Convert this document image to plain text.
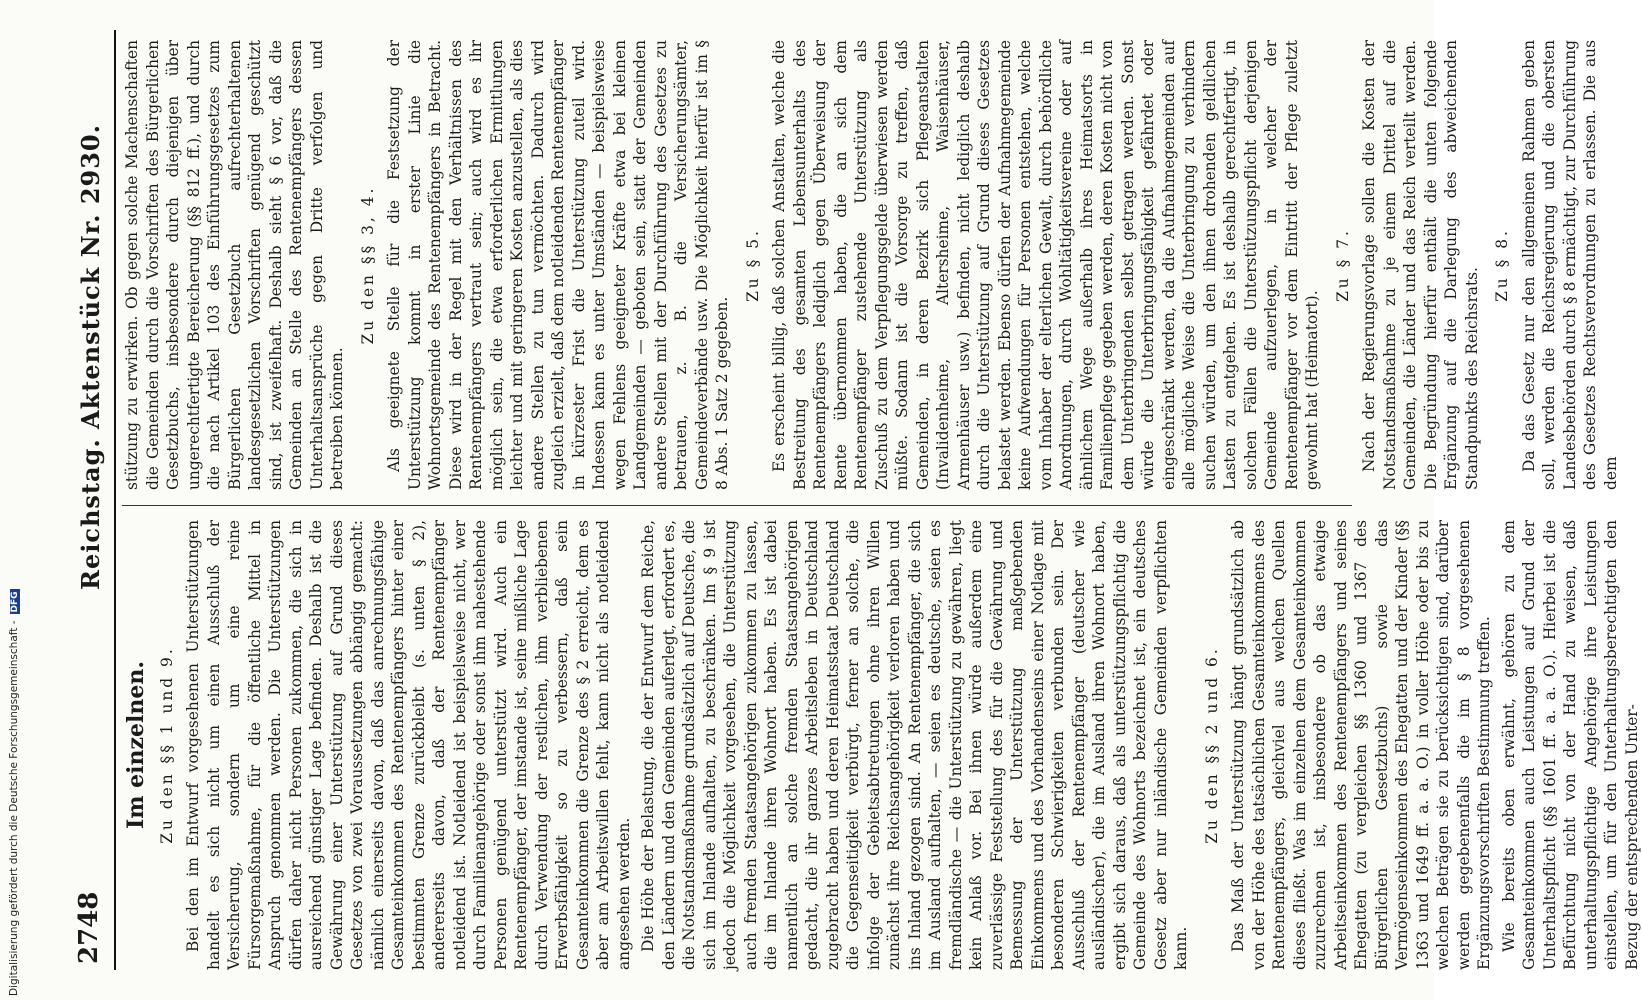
2748
Reichstag. Aktenstück Nr. 2930.
Im einzelnen. Zu den §§ 1 und 9. Bei den im Entwurf vorgesehenen Unterstützungen handelt es sich nicht um einen Ausschluß der Versicherung, sondern um eine reine Fürsorgemaßnahme, für die öffentliche Mittel in Anspruch genommen werden. Die Unterstützungen dürfen daher nicht Personen zukommen, die sich in ausreichend günstiger Lage befinden. Deshalb ist die Gewährung einer Unterstützung auf Grund dieses Gesetzes von zwei Voraussetzungen abhängig gemacht: nämlich einerseits davon, daß das anrechnungsfähige Gesamteinkommen des Rentenempfängers hinter einer bestimmten Grenze zurückbleibt (s. unten § 2), andererseits davon, daß der Rentenempfänger notleidend ist. Notleidend ist beispielsweise nicht, wer durch Familienangehörige oder sonst ihm nahestehende Personen genügend unterstützt wird. Auch ein Rentenempfänger, der imstande ist, seine mißliche Lage durch Verwendung der restlichen, ihm verbliebenen Erwerbsfähigkeit so zu verbessern, daß sein Gesamteinkommen die Grenze des § 2 erreicht, dem es aber am Arbeitswillen fehlt, kann nicht als notleidend angesehen werden. Die Höhe der Belastung, die der Entwurf dem Reiche, den Ländern und den Gemeinden auferlegt, erfordert es, die Notstandsmaßnahme grundsätzlich auf Deutsche, die sich im Inlande aufhalten, zu beschränken. Im § 9 ist jedoch die Möglichkeit vorgesehen, die Unterstützung auch fremden Staatsangehörigen zukommen zu lassen, die im Inlande ihren Wohnort haben. Es ist dabei namentlich an solche fremden Staatsangehörigen gedacht, die ihr ganzes Arbeitsleben in Deutschland zugebracht haben und deren Heimatsstaat Deutschland die Gegenseitigkeit verbürgt, ferner an solche, die infolge der Gebietsabtretungen ohne ihren Willen zunächst ihre Reichsangehörigkeit verloren haben und ins Inland gezogen sind. An Rentenempfänger, die sich im Ausland aufhalten, — seien es deutsche, seien es fremdländische — die Unterstützung zu gewähren, liegt kein Anlaß vor. Bei ihnen würde außerdem eine zuverlässige Feststellung des für die Gewährung und Bemessung der Unterstützung maßgebenden Einkommens und des Vorhandenseins einer Notlage mit besonderen Schwierigkeiten verbunden sein. Der Ausschluß der Rentenempfänger (deutscher wie ausländischer), die im Ausland ihren Wohnort haben, ergibt sich daraus, daß als unterstützungspflichtig die Gemeinde des Wohnorts bezeichnet ist, ein deutsches Gesetz aber nur inländische Gemeinden verpflichten kann.

Zu den §§ 2 und 6. Das Maß der Unterstützung hängt grundsätzlich ab von der Höhe des tatsächlichen Gesamteinkommens des Rentenempfängers, gleichviel aus welchen Quellen dieses fließt. Was im einzelnen dem Gesamteinkommen zuzurechnen ist, insbesondere ob das etwaige Arbeitseinkommen des Rentenempfängers und seines Ehegatten (zu vergleichen §§ 1360 und 1367 des Bürgerlichen Gesetzbuchs) sowie das Vermögenseinkommen des Ehegatten und der Kinder (§§ 1363 und 1649 ff. a. a. O.) in voller Höhe oder bis zu welchen Beträgen sie zu berücksichtigen sind, darüber werden gegebenenfalls die im § 8 vorgesehenen Ergänzungsvorschriften Bestimmung treffen. Wie bereits oben erwähnt, gehören zu dem Gesamteinkommen auch Leistungen auf Grund der Unterhaltspflicht (§§ 1601 ff. a. a. O.). Hierbei ist die Befürchtung nicht von der Hand zu weisen, daß unterhaltungspflichtige Angehörige ihre Leistungen einstellen, um für den Unterhaltungsberechtigten den Bezug der entsprechenden Unter-

stützung zu erwirken. Ob gegen solche Machenschaften die Gemeinden durch die Vorschriften des Bürgerlichen Gesetzbuchs, insbesondere durch diejenigen über ungerechtfertigte Bereicherung (§§ 812 ff.), und durch die nach Artikel 103 des Einführungsgesetzes zum Bürgerlichen Gesetzbuch aufrechterhaltenen landesgesetzlichen Vorschriften genügend geschützt sind, ist zweifelhaft. Deshalb sieht § 6 vor, daß die Gemeinden an Stelle des Rentenempfängers dessen Unterhaltsansprüche gegen Dritte verfolgen und betreiben können.

Zu den §§ 3, 4. Als geeignete Stelle für die Festsetzung der Unterstützung kommt in erster Linie die Wohnortsgemeinde des Rentenempfängers in Betracht. Diese wird in der Regel mit den Verhältnissen des Rentenempfängers vertraut sein; auch wird es ihr möglich sein, die etwa erforderlichen Ermittlungen leichter und mit geringeren Kosten anzustellen, als dies andere Stellen zu tun vermöchten. Dadurch wird zugleich erzielt, daß dem notleidenden Rentenempfänger in kürzester Frist die Unterstützung zuteil wird. Indessen kann es unter Umständen — beispielsweise wegen Fehlens geeigneter Kräfte etwa bei kleinen Landgemeinden — geboten sein, statt der Gemeinden andere Stellen mit der Durchführung des Gesetzes zu betrauen, z. B. die Versicherungsämter, Gemeindeverbände usw. Die Möglichkeit hierfür ist im § 8 Abs. 1 Satz 2 gegeben.

Zu § 5. Es erscheint billig, daß solchen Anstalten, welche die Bestreitung des gesamten Lebensunterhalts des Rentenempfängers lediglich gegen Überweisung der Rente übernommen haben, die an sich dem Rentenempfänger zustehende Unterstützung als Zuschuß zu dem Verpflegungsgelde überwiesen werden müßte. Sodann ist die Vorsorge zu treffen, daß Gemeinden, in deren Bezirk sich Pflegeanstalten (Invalidenheime, Altersheime, Waisenhäuser, Armenhäuser usw.) befinden, nicht lediglich deshalb durch die Unterstützung auf Grund dieses Gesetzes belastet werden. Ebenso dürfen der Aufnahmegemeinde keine Aufwendungen für Personen entstehen, welche vom Inhaber der elterlichen Gewalt, durch behördliche Anordnungen, durch Wohltätigkeitsvereine oder auf ähnlichem Wege außerhalb ihres Heimatsorts in Familienpflege gegeben werden, deren Kosten nicht von dem Unterbringenden selbst getragen werden. Sonst würde die Unterbringungsfähigkeit gefährdet oder eingeschränkt werden, da die Aufnahmegemeinden auf alle mögliche Weise die Unterbringung zu verhindern suchen würden, um den ihnen drohenden geldlichen Lasten zu entgehen. Es ist deshalb gerechtfertigt, in solchen Fällen die Unterstützungspflicht derjenigen Gemeinde aufzuerlegen, in welcher der Rentenempfänger vor dem Eintritt der Pflege zuletzt gewohnt hat (Heimatort).

Zu § 7. Nach der Regierungsvorlage sollen die Kosten der Notstandsmaßnahme zu je einem Drittel auf die Gemeinden, die Länder und das Reich verteilt werden. Die Begründung hierfür enthält die unten folgende Ergänzung auf die Darlegung des abweichenden Standpunkts des Reichsrats.

Zu § 8. Da das Gesetz nur den allgemeinen Rahmen geben soll, werden die Reichsregierung und die obersten Landesbehörden durch § 8 ermächtigt, zur Durchführung des Gesetzes Rechtsverordnungen zu erlassen. Die aus dem

Digitalisierung gefördert durch die Deutsche Forschungsgemeinschaft -DFG
